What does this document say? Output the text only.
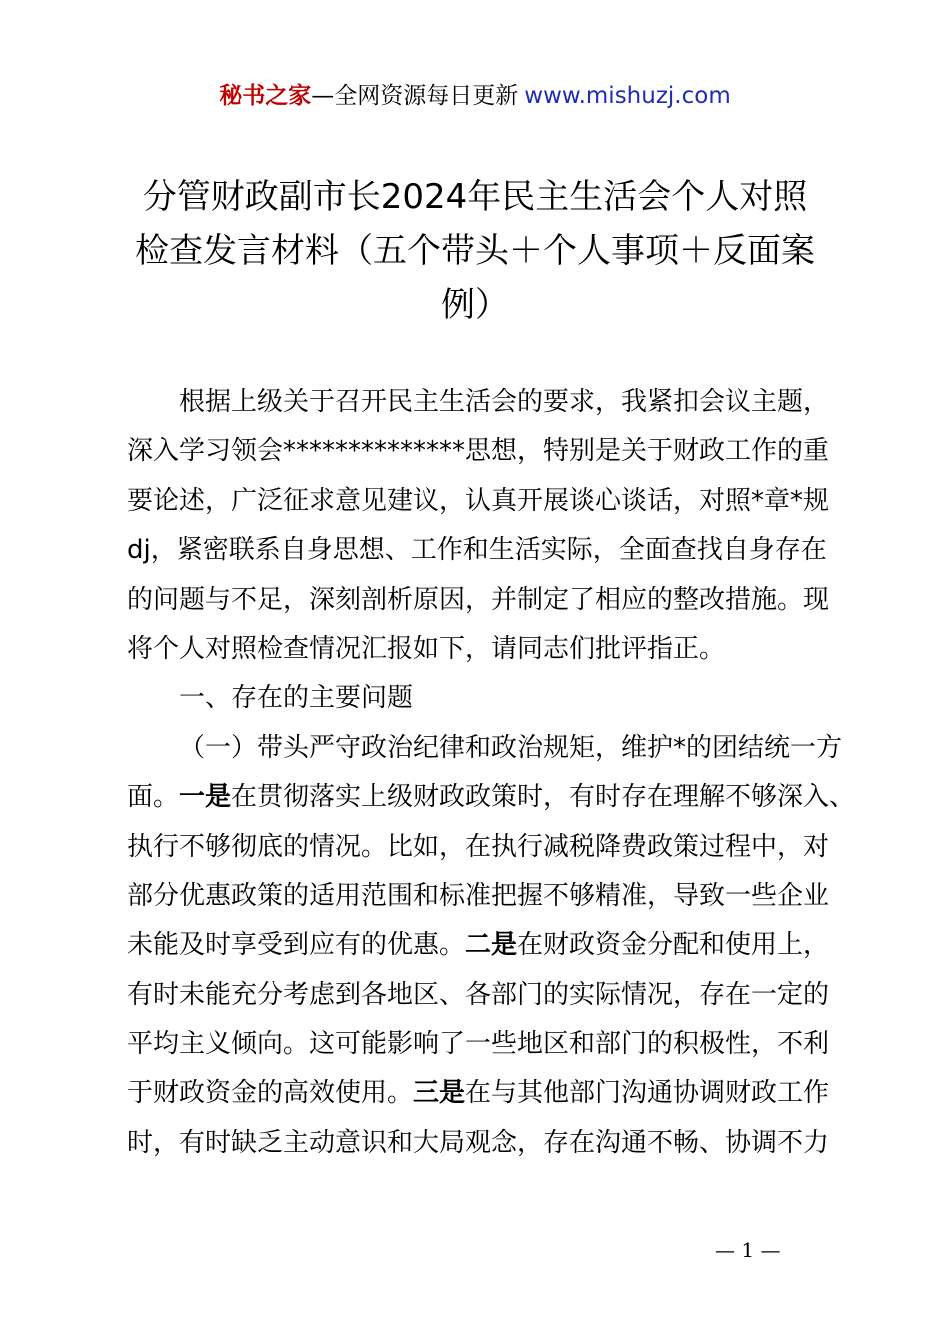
秘书之家—全网资源每日更新 www.mishuzj.com
分管财政副市长2024年民主生活会个人对照
检查发言材料（五个带头＋个人事项＋反面案
例）
根据上级关于召开民主生活会的要求，我紧扣会议主题，
深入学习领会**************思想，特别是关于财政工作的重
要论述，广泛征求意见建议，认真开展谈心谈话，对照*章*规
dj，紧密联系自身思想、工作和生活实际，全面查找自身存在
的问题与不足，深刻剖析原因，并制定了相应的整改措施。现
将个人对照检查情况汇报如下，请同志们批评指正。
一、存在的主要问题
（一）带头严守政治纪律和政治规矩，维护*的团结统一方
面。一是在贯彻落实上级财政政策时，有时存在理解不够深入、
执行不够彻底的情况。比如，在执行减税降费政策过程中，对
部分优惠政策的适用范围和标准把握不够精准，导致一些企业
未能及时享受到应有的优惠。二是在财政资金分配和使用上，
有时未能充分考虑到各地区、各部门的实际情况，存在一定的
平均主义倾向。这可能影响了一些地区和部门的积极性，不利
于财政资金的高效使用。三是在与其他部门沟通协调财政工作
时，有时缺乏主动意识和大局观念，存在沟通不畅、协调不力
— 1 —
